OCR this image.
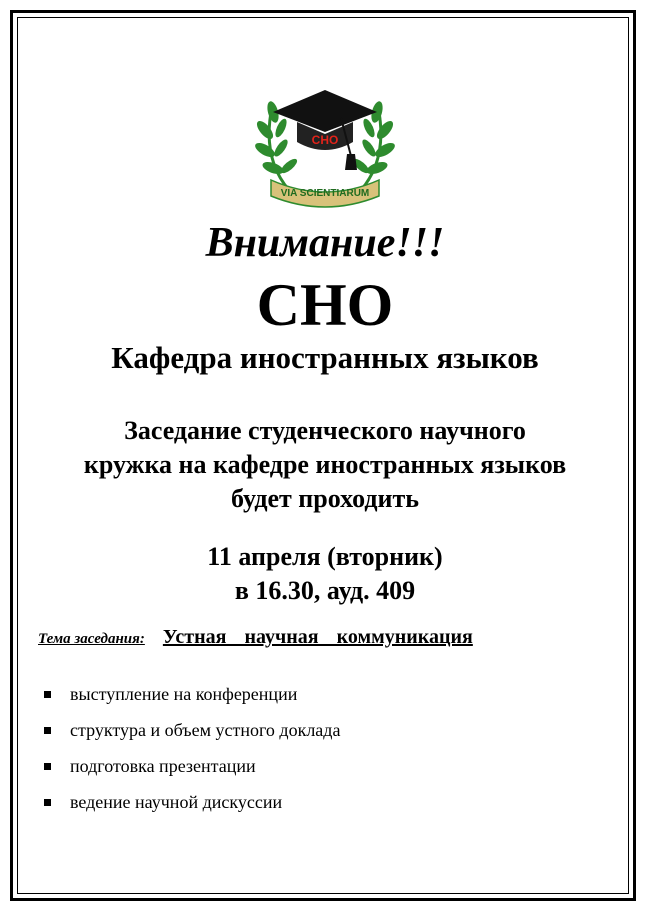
СНО
VIA SCIENTIARUM
Внимание!!!
СНО
Кафедра иностранных языков
Заседание студенческого научного
кружка на кафедре иностранных языков
будет проходить
11 апреля (вторник)
в 16.30, ауд. 409
Тема заседания: Устная  научная  коммуникация
выступление на конференции
структура и объем устного доклада
подготовка презентации
ведение научной дискуссии
